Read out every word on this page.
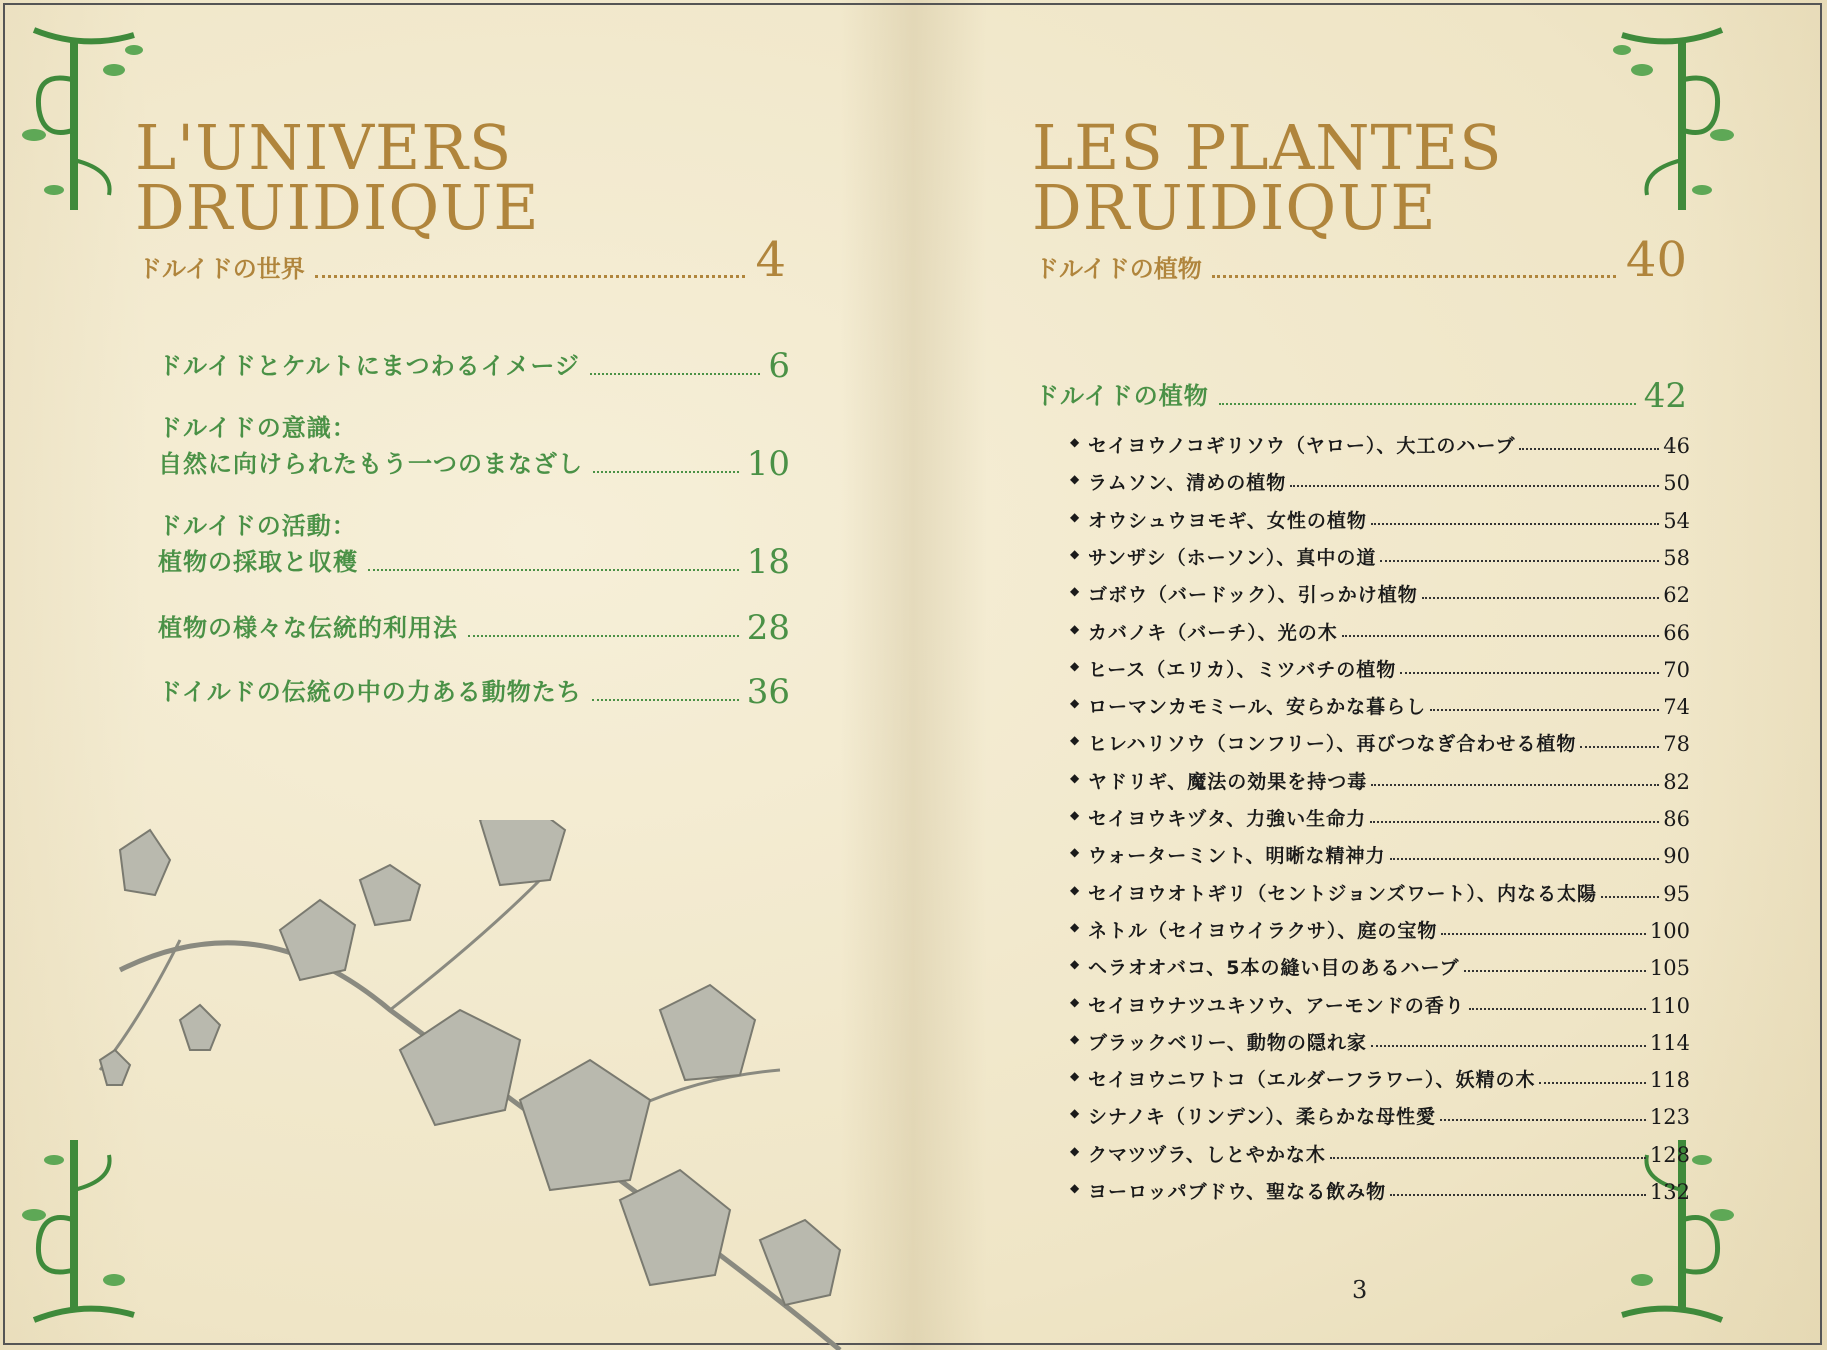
L'UNIVERS
DRUIDIQUE
ドルイドの世界	4
ドルイドとケルトにまつわるイメージ	6
ドルイドの意識：
自然に向けられたもう一つのまなざし	10
ドルイドの活動：
植物の採取と収穫	18
植物の様々な伝統的利用法	28
ドイルドの伝統の中の力ある動物たち	36
LES PLANTES
DRUIDIQUE
ドルイドの植物	40
ドルイドの植物	42
◆ セイヨウノコギリソウ（ヤロー）、大工のハーブ	46
◆ ラムソン、清めの植物	50
◆ オウシュウヨモギ、女性の植物	54
◆ サンザシ（ホーソン）、真中の道	58
◆ ゴボウ（バードック）、引っかけ植物	62
◆ カバノキ（バーチ）、光の木	66
◆ ヒース（エリカ）、ミツバチの植物	70
◆ ローマンカモミール、安らかな暮らし	74
◆ ヒレハリソウ（コンフリー）、再びつなぎ合わせる植物	78
◆ ヤドリギ、魔法の効果を持つ毒	82
◆ セイヨウキヅタ、力強い生命力	86
◆ ウォーターミント、明晰な精神力	90
◆ セイヨウオトギリ（セントジョンズワート）、内なる太陽	95
◆ ネトル（セイヨウイラクサ）、庭の宝物	100
◆ ヘラオオバコ、5本の縫い目のあるハーブ	105
◆ セイヨウナツユキソウ、アーモンドの香り	110
◆ ブラックベリー、動物の隠れ家	114
◆ セイヨウニワトコ（エルダーフラワー）、妖精の木	118
◆ シナノキ（リンデン）、柔らかな母性愛	123
◆ クマツヅラ、しとやかな木	128
◆ ヨーロッパブドウ、聖なる飲み物	132
3
